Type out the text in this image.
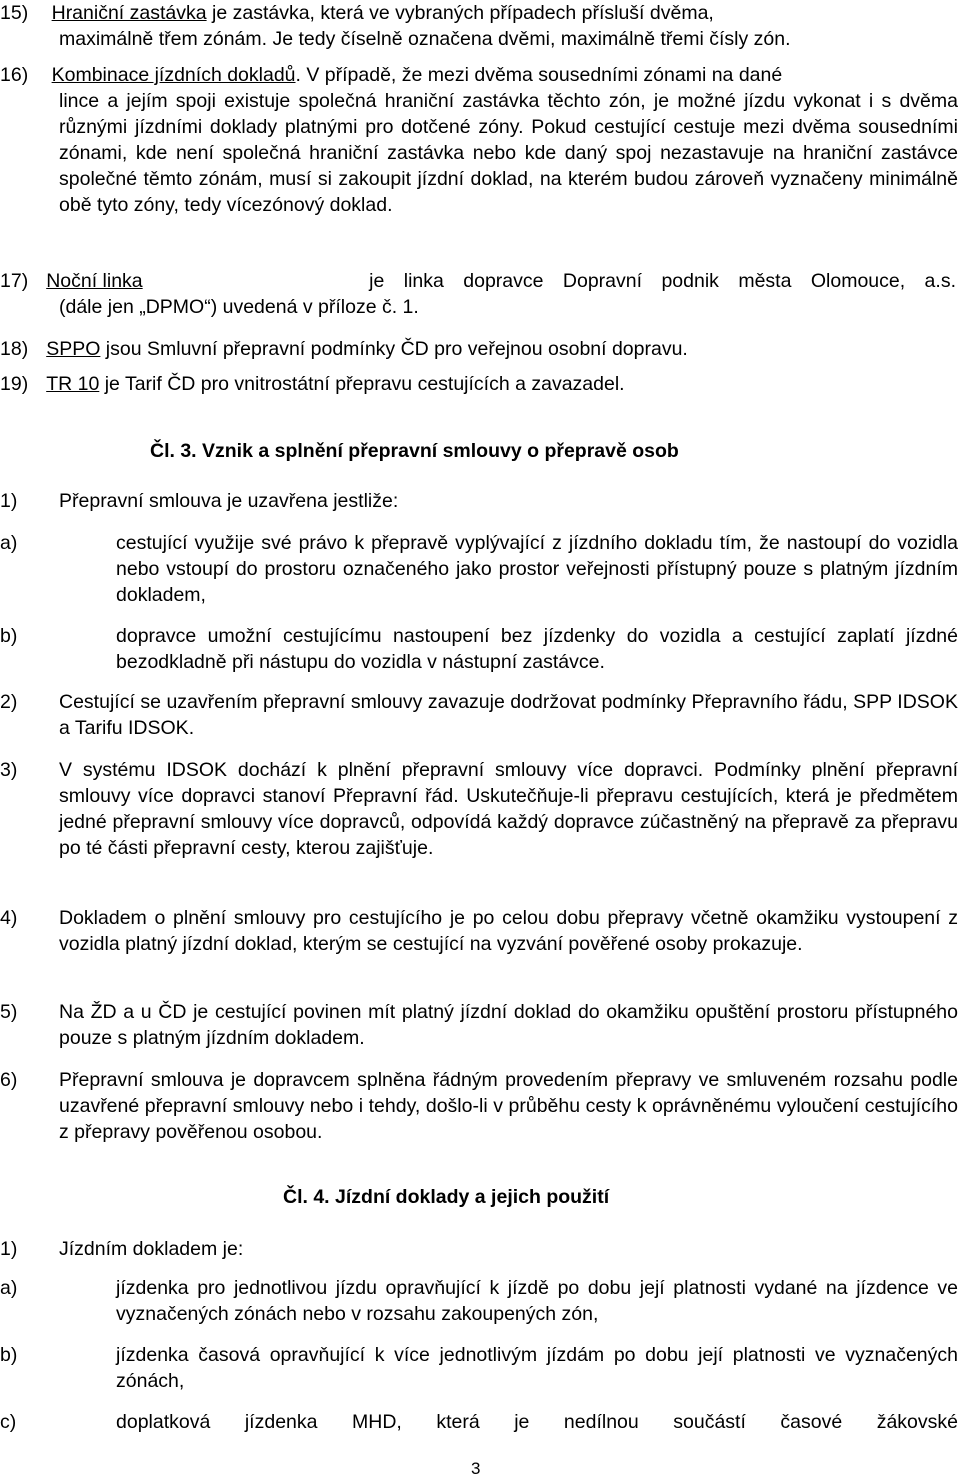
15) Hraniční zastávka je zastávka, která ve vybraných případech přísluší dvěma,
maximálně třem zónám. Je tedy číselně označena dvěmi, maximálně třemi čísly zón.
16) Kombinace jízdních dokladů. V případě, že mezi dvěma sousedními zónami na dané
lince a jejím spoji existuje společná hraniční zastávka těchto zón, je možné jízdu vykonat i s dvěma různými jízdními doklady platnými pro dotčené zóny. Pokud cestující cestuje mezi dvěma sousedními zónami, kde není společná hraniční zastávka nebo kde daný spoj nezastavuje na hraniční zastávce společné těmto zónám, musí si zakoupit jízdní doklad, na kterém budou zároveň vyznačeny minimálně obě tyto zóny, tedy vícezónový doklad.
17) Noční linka	je linka dopravce Dopravní podnik města Olomouce, a.s.
(dále jen „DPMO“) uvedená v příloze č. 1.
18) SPPO jsou Smluvní přepravní podmínky ČD pro veřejnou osobní dopravu.
19) TR 10 je Tarif ČD pro vnitrostátní přepravu cestujících a zavazadel.
Čl. 3. Vznik a splnění přepravní smlouvy o přepravě osob
1)	Přepravní smlouva je uzavřena jestliže:
a)	cestující využije své právo k přepravě vyplývající z jízdního dokladu tím, že nastoupí do vozidla nebo vstoupí do prostoru označeného jako prostor veřejnosti přístupný pouze s platným jízdním dokladem,
b)	dopravce umožní cestujícímu nastoupení bez jízdenky do vozidla a cestující zaplatí jízdné bezodkladně při nástupu do vozidla v nástupní zastávce.
2)	Cestující se uzavřením přepravní smlouvy zavazuje dodržovat podmínky Přepravního řádu, SPP IDSOK a Tarifu IDSOK.
3)	V systému IDSOK dochází k plnění přepravní smlouvy více dopravci. Podmínky plnění přepravní smlouvy více dopravci stanoví Přepravní řád. Uskutečňuje-li přepravu cestujících, která je předmětem jedné přepravní smlouvy více dopravců, odpovídá každý dopravce zúčastněný na přepravě za přepravu po té části přepravní cesty, kterou zajišťuje.
4)	Dokladem o plnění smlouvy pro cestujícího je po celou dobu přepravy včetně okamžiku vystoupení z vozidla platný jízdní doklad, kterým se cestující na vyzvání pověřené osoby prokazuje.
5)	Na ŽD a u ČD je cestující povinen mít platný jízdní doklad do okamžiku opuštění prostoru přístupného pouze s platným jízdním dokladem.
6)	Přepravní smlouva je dopravcem splněna řádným provedením přepravy ve smluveném rozsahu podle uzavřené přepravní smlouvy nebo i tehdy, došlo-li v průběhu cesty k oprávněnému vyloučení cestujícího z přepravy pověřenou osobou.
Čl. 4. Jízdní doklady a jejich použití
1)	Jízdním dokladem je:
a)	jízdenka pro jednotlivou jízdu opravňující k jízdě po dobu její platnosti vydané na jízdence ve vyznačených zónách nebo v rozsahu zakoupených zón,
b)	jízdenka časová opravňující k více jednotlivým jízdám po dobu její platnosti ve vyznačených zónách,
c)	doplatková jízdenka MHD, která je nedílnou součástí časové žákovské
3
